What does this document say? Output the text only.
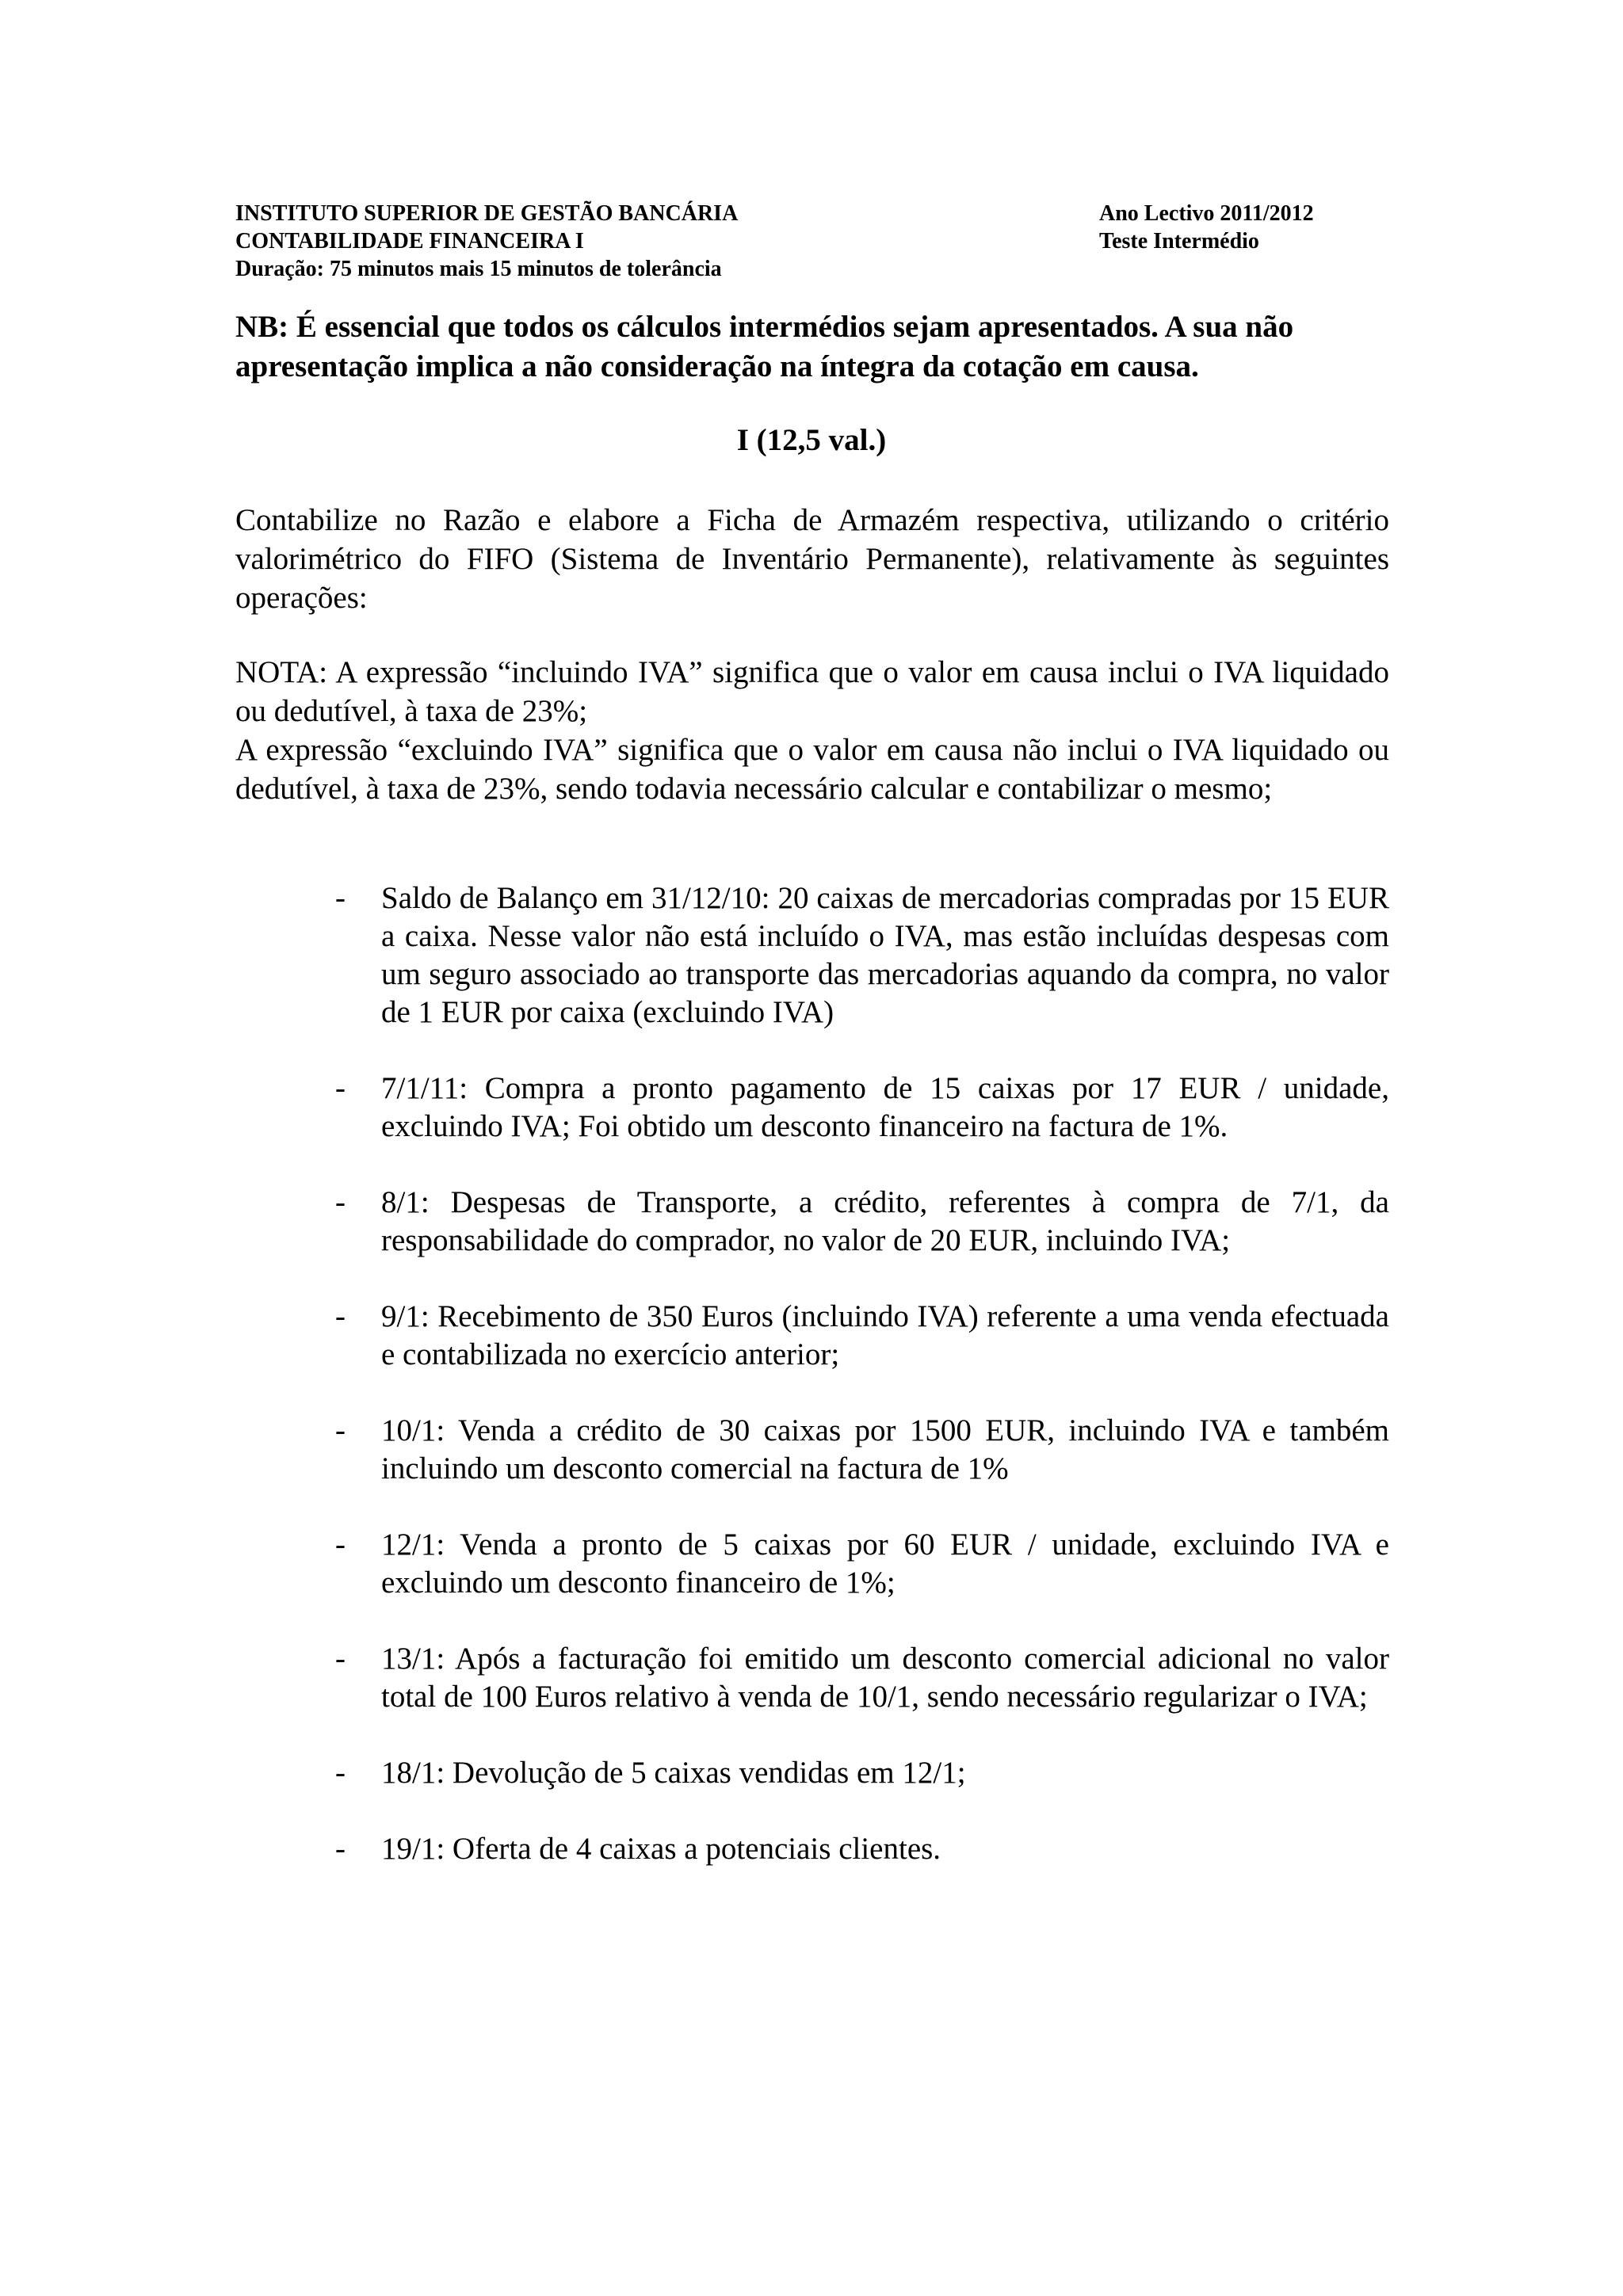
INSTITUTO SUPERIOR DE GESTÃO BANCÁRIA	Ano Lectivo 2011/2012
CONTABILIDADE FINANCEIRA I	Teste Intermédio
Duração: 75 minutos mais 15 minutos de tolerância

NB: É essencial que todos os cálculos intermédios sejam apresentados. A sua não apresentação implica a não consideração na íntegra da cotação em causa.

I (12,5 val.)

Contabilize no Razão e elabore a Ficha de Armazém respectiva, utilizando o critério valorimétrico do FIFO (Sistema de Inventário Permanente), relativamente às seguintes operações:

NOTA: A expressão “incluindo IVA” significa que o valor em causa inclui o IVA liquidado ou dedutível, à taxa de 23%;
A expressão “excluindo IVA” significa que o valor em causa não inclui o IVA liquidado ou dedutível, à taxa de 23%, sendo todavia necessário calcular e contabilizar o mesmo;
- Saldo de Balanço em 31/12/10: 20 caixas de mercadorias compradas por 15 EUR a caixa. Nesse valor não está incluído o IVA, mas estão incluídas despesas com um seguro associado ao transporte das mercadorias aquando da compra, no valor de 1 EUR por caixa (excluindo IVA)
- 7/1/11: Compra a pronto pagamento de 15 caixas por 17 EUR / unidade, excluindo IVA; Foi obtido um desconto financeiro na factura de 1%.
- 8/1: Despesas de Transporte, a crédito, referentes à compra de 7/1, da responsabilidade do comprador, no valor de 20 EUR, incluindo IVA;
- 9/1: Recebimento de 350 Euros (incluindo IVA) referente a uma venda efectuada e contabilizada no exercício anterior;
- 10/1: Venda a crédito de 30 caixas por 1500 EUR, incluindo IVA e também incluindo um desconto comercial na factura de 1%
- 12/1: Venda a pronto de 5 caixas por 60 EUR / unidade, excluindo IVA e excluindo um desconto financeiro de 1%;
- 13/1: Após a facturação foi emitido um desconto comercial adicional no valor total de 100 Euros relativo à venda de 10/1, sendo necessário regularizar o IVA;
- 18/1: Devolução de 5 caixas vendidas em 12/1;
- 19/1: Oferta de 4 caixas a potenciais clientes.
